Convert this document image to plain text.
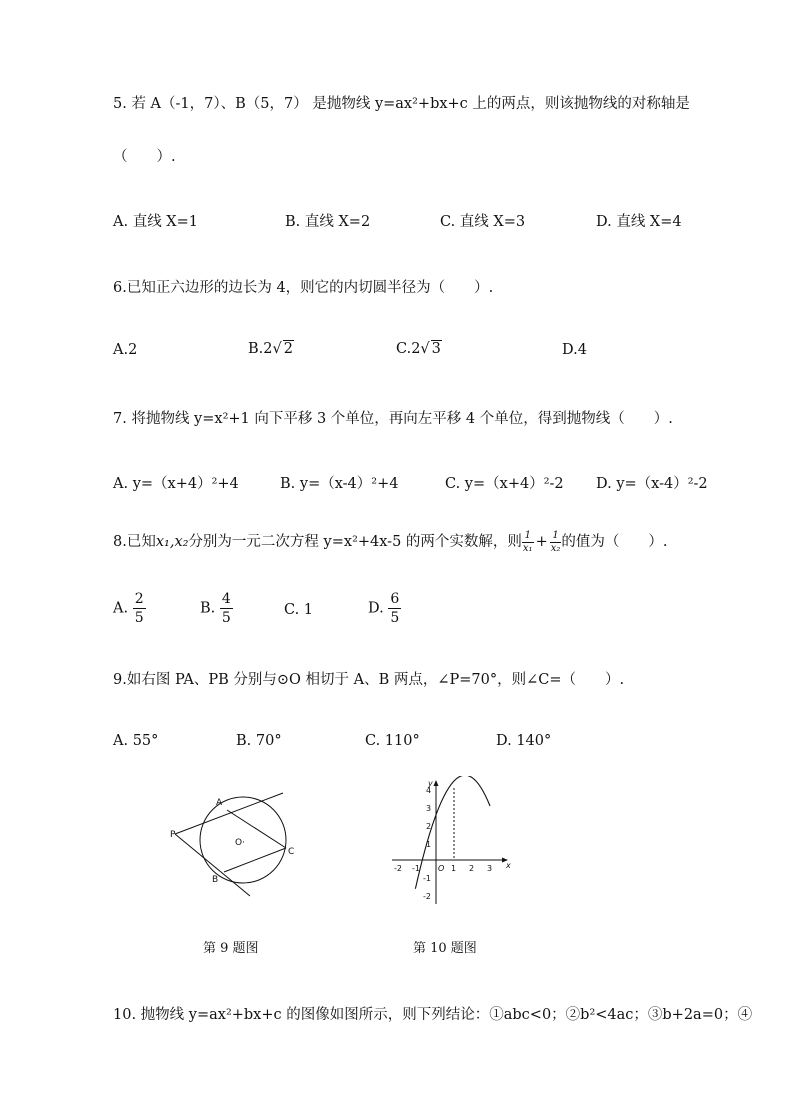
5. 若 A（-1，7）、B（5，7） 是抛物线 y=ax²+bx+c 上的两点，则该抛物线的对称轴是
（　　）.
A. 直线 X=1	B. 直线 X=2	C. 直线 X=3	D. 直线 X=4
6.已知正六边形的边长为 4，则它的内切圆半径为（　　）.
A.2	B.2√ 2	C.2√ 3	D.4
7. 将抛物线 y=x²+1 向下平移 3 个单位，再向左平移 4 个单位，得到抛物线（　　）.
A. y=（x+4）²+4	B. y=（x-4）²+4	C. y=（x+4）²-2 D. y=（x-4）²-2
8.已知x₁,x₂分别为一元二次方程 y=x²+4x-5 的两个实数解，则 $\frac{1}{\text{x₁}} + \frac{1}{\text{x₂}}$ 的值为（　　）.
A. $\frac{2}{5}$	B. $\frac{4}{5}$	C. 1	D. $\frac{6}{5}$
9.如右图 PA、PB 分别与⊙O 相切于 A、B 两点，∠P=70°，则∠C=（　　）.
A. 55°	B. 70°	C. 110°	D. 140°
A
B
C
P
O·
y
x
O
4
3
2
1
-1
-2
-2 -1	1 2 3
第 9 题图	第 10 题图
10. 抛物线 y=ax²+bx+c 的图像如图所示，则下列结论：①abc<0；②b²<4ac；③b+2a=0；④
